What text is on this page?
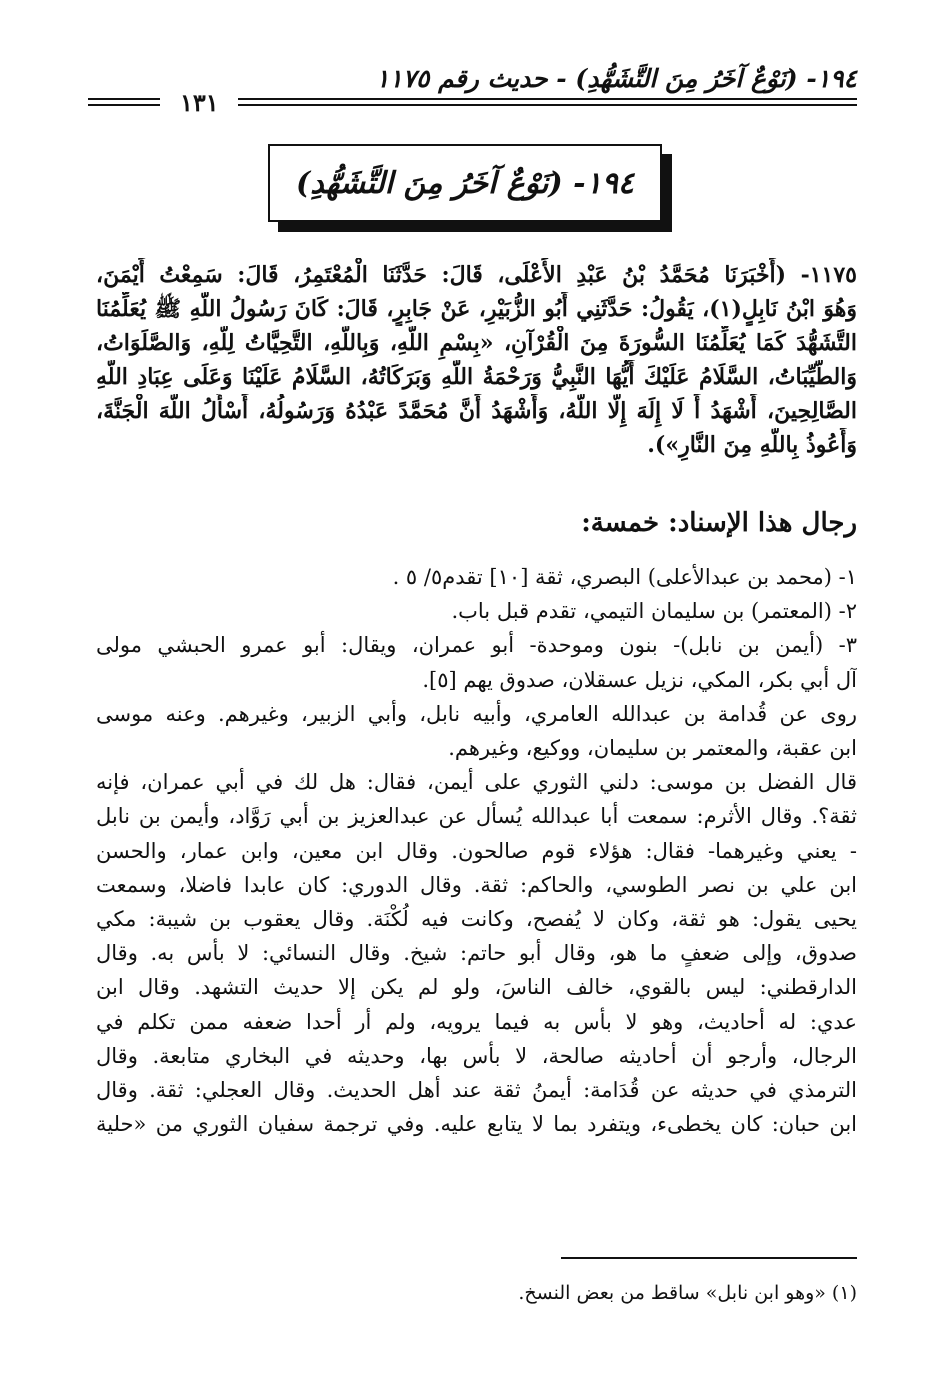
١٩٤- (نَوْعٌ آخَرُ مِنَ التَّشَهُّدِ) - حديث رقم ١١٧٥
١٣١
١٩٤- (نَوْعٌ آخَرُ مِنَ التَّشَهُّدِ)
١١٧٥- (أَخْبَرَنَا مُحَمَّدُ بْنُ عَبْدِ الأَعْلَى، قَالَ: حَدَّثَنَا الْمُعْتَمِرُ، قَالَ: سَمِعْتُ أَيْمَنَ،
وَهُوَ ابْنُ نَابِلٍ(١)، يَقُولُ: حَدَّثَنِي أَبُو الزُّبَيْرِ، عَنْ جَابِرٍ، قَالَ: كَانَ رَسُولُ اللَّهِ ﷺ يُعَلِّمُنَا
التَّشَهُّدَ كَمَا يُعَلِّمُنَا السُّورَةَ مِنَ الْقُرْآنِ، «بِسْمِ اللَّهِ، وَبِاللَّهِ، التَّحِيَّاتُ لِلَّهِ، وَالصَّلَوَاتُ،
وَالطَّيِّبَاتُ، السَّلَامُ عَلَيْكَ أَيُّهَا النَّبِيُّ وَرَحْمَةُ اللَّهِ وَبَرَكَاتُهُ، السَّلَامُ عَلَيْنَا وَعَلَى عِبَادِ اللَّهِ
الصَّالِحِينَ، أَشْهَدُ أَ لَا إِلَهَ إِلَّا اللَّهُ، وَأَشْهَدُ أَنَّ مُحَمَّدً عَبْدُهُ وَرَسُولُهُ، أَسْأَلُ اللَّهَ الْجَنَّةَ،
وَأَعُوذُ بِاللَّهِ مِنَ النَّارِ»).
رجال هذا الإسناد: خمسة:
١- (محمد بن عبدالأعلى) البصري، ثقة [١٠] تقدم٥/ ٥ .
٢- (المعتمر) بن سليمان التيمي، تقدم قبل باب.
٣- (أيمن بن نابل)- بنون وموحدة- أبو عمران، ويقال: أبو عمرو الحبشي مولى
آل أبي بكر، المكي، نزيل عسقلان، صدوق يهم [٥].
روى عن قُدامة بن عبدالله العامري، وأبيه نابل، وأبي الزبير، وغيرهم. وعنه موسى
ابن عقبة، والمعتمر بن سليمان، ووكيع، وغيرهم.
قال الفضل بن موسى: دلني الثوري على أيمن، فقال: هل لك في أبي عمران، فإنه
ثقة؟. وقال الأثرم: سمعت أبا عبدالله يُسأل عن عبدالعزيز بن أبي رَوَّاد، وأيمن بن نابل
- يعني وغيرهما- فقال: هؤلاء قوم صالحون. وقال ابن معين، وابن عمار، والحسن
ابن علي بن نصر الطوسي، والحاكم: ثقة. وقال الدوري: كان عابدا فاضلا، وسمعت
يحيى يقول: هو ثقة، وكان لا يُفصح، وكانت فيه لُكْنَة. وقال يعقوب بن شيبة: مكي
صدوق، وإلى ضعفٍ ما هو، وقال أبو حاتم: شيخ. وقال النسائي: لا بأس به. وقال
الدارقطني: ليس بالقوي، خالف الناسَ، ولو لم يكن إلا حديث التشهد. وقال ابن
عدي: له أحاديث، وهو لا بأس به فيما يرويه، ولم أر أحدا ضعفه ممن تكلم في
الرجال، وأرجو أن أحاديثه صالحة، لا بأس بها، وحديثه في البخاري متابعة. وقال
الترمذي في حديثه عن قُدَامة: أيمنُ ثقة عند أهل الحديث. وقال العجلي: ثقة. وقال
ابن حبان: كان يخطىء، ويتفرد بما لا يتابع عليه. وفي ترجمة سفيان الثوري من «حلية
(١) «وهو ابن نابل» ساقط من بعض النسخ.
